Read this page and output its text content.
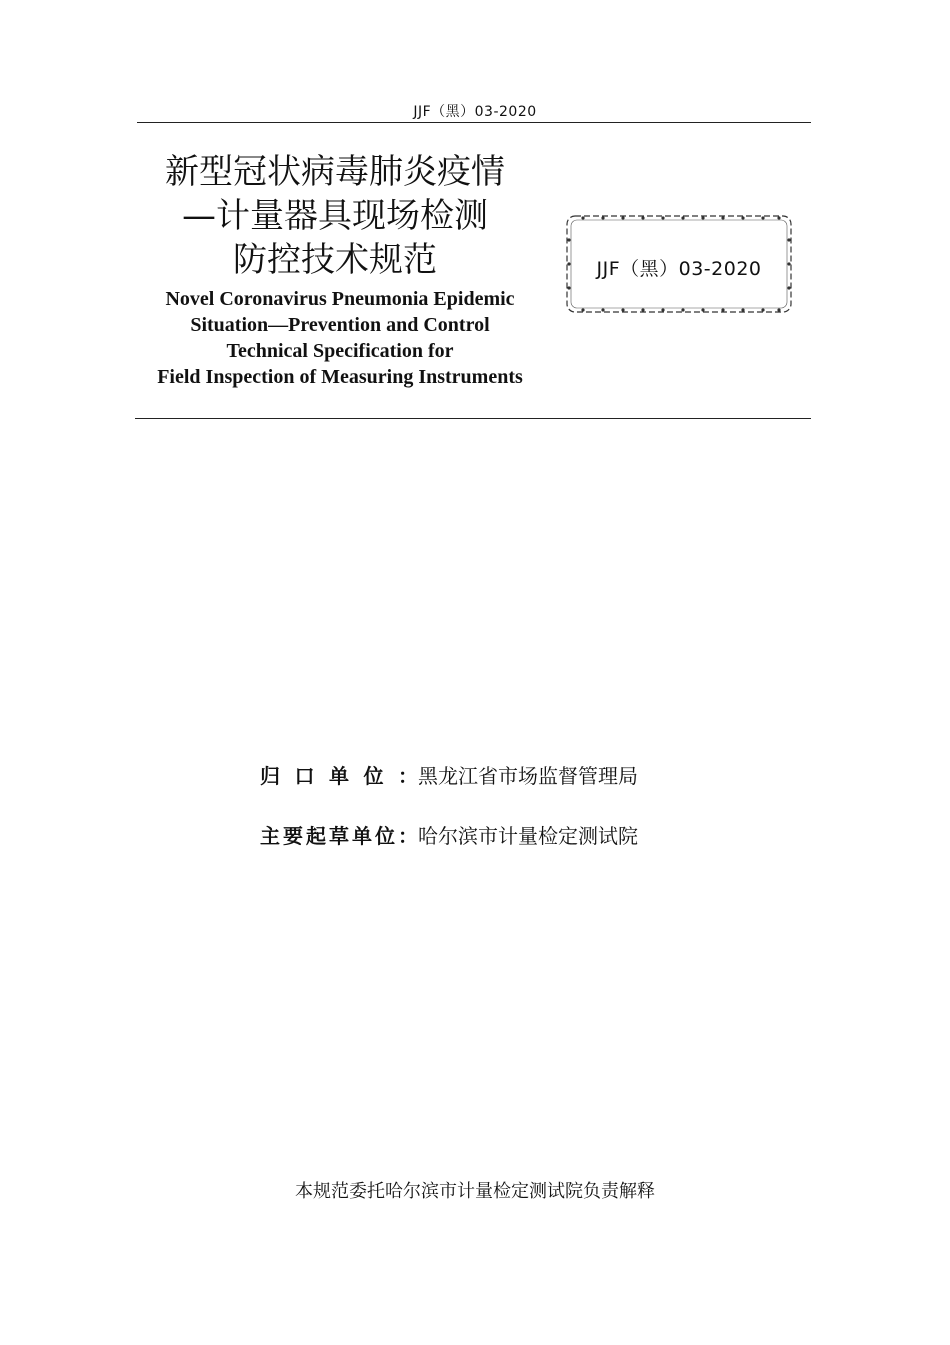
JJF（黑）03-2020
新型冠状病毒肺炎疫情
—计量器具现场检测
防控技术规范
Novel Coronavirus Pneumonia Epidemic
Situation—Prevention and Control
Technical Specification for
Field Inspection of Measuring Instruments
JJF（黑）03-2020
归口单位：黑龙江省市场监督管理局
主要起草单位：哈尔滨市计量检定测试院
本规范委托哈尔滨市计量检定测试院负责解释
